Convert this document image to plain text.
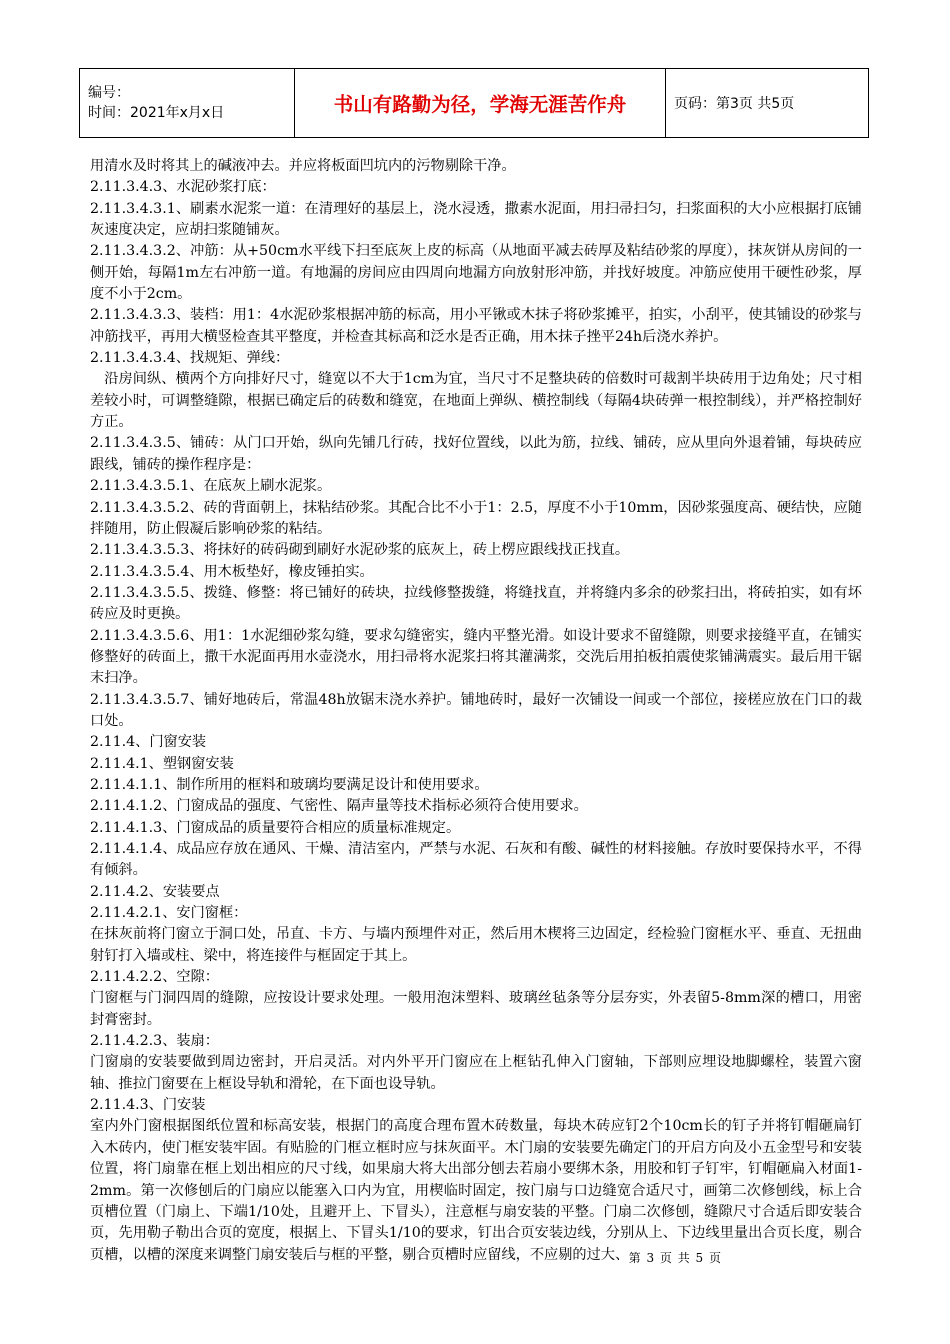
编号：
时间：2021年x月x日	书山有路勤为径，学海无涯苦作舟	页码：第3页 共5页

用清水及时将其上的碱液冲去。并应将板面凹坑内的污物剔除干净。

2.11.3.4.3、水泥砂浆打底：

2.11.3.4.3.1、刷素水泥浆一道：在清理好的基层上，浇水浸透，撒素水泥面，用扫帚扫匀，扫浆面积的大小应根据打底铺灰速度决定，应胡扫浆随铺灰。

2.11.3.4.3.2、冲筋：从+50cm水平线下扫至底灰上皮的标高（从地面平减去砖厚及粘结砂浆的厚度），抹灰饼从房间的一侧开始，每隔1m左右冲筋一道。有地漏的房间应由四周向地漏方向放射形冲筋，并找好坡度。冲筋应使用干硬性砂浆，厚度不小于2cm。

2.11.3.4.3.3、装档：用1：4水泥砂浆根据冲筋的标高，用小平锹或木抹子将砂浆摊平，拍实，小刮平，使其铺设的砂浆与冲筋找平，再用大横竖检查其平整度，并检查其标高和泛水是否正确，用木抹子挫平24h后浇水养护。

2.11.3.4.3.4、找规矩、弹线：

沿房间纵、横两个方向排好尺寸，缝宽以不大于1cm为宜，当尺寸不足整块砖的倍数时可裁割半块砖用于边角处；尺寸相差较小时，可调整缝隙，根据已确定后的砖数和缝宽，在地面上弹纵、横控制线（每隔4块砖弹一根控制线），并严格控制好方正。

2.11.3.4.3.5、铺砖：从门口开始，纵向先铺几行砖，找好位置线，以此为筋，拉线、铺砖，应从里向外退着铺，每块砖应跟线，铺砖的操作程序是：

2.11.3.4.3.5.1、在底灰上刷水泥浆。

2.11.3.4.3.5.2、砖的背面朝上，抹粘结砂浆。其配合比不小于1：2.5，厚度不小于10mm，因砂浆强度高、硬结快，应随拌随用，防止假凝后影响砂浆的粘结。

2.11.3.4.3.5.3、将抹好的砖码砌到刷好水泥砂浆的底灰上，砖上楞应跟线找正找直。

2.11.3.4.3.5.4、用木板垫好，橡皮锤拍实。

2.11.3.4.3.5.5、拨缝、修整：将已铺好的砖块，拉线修整拨缝，将缝找直，并将缝内多余的砂浆扫出，将砖拍实，如有坏砖应及时更换。

2.11.3.4.3.5.6、用1：1水泥细砂浆勾缝，要求勾缝密实，缝内平整光滑。如设计要求不留缝隙，则要求接缝平直，在铺实修整好的砖面上，撒干水泥面再用水壶浇水，用扫帚将水泥浆扫将其灌满浆，交洗后用拍板拍震使浆铺满震实。最后用干锯末扫净。

2.11.3.4.3.5.7、铺好地砖后，常温48h放锯末浇水养护。铺地砖时，最好一次铺设一间或一个部位，接槎应放在门口的裁口处。

2.11.4、门窗安装

2.11.4.1、塑钢窗安装

2.11.4.1.1、制作所用的框料和玻璃均要满足设计和使用要求。

2.11.4.1.2、门窗成品的强度、气密性、隔声量等技术指标必须符合使用要求。

2.11.4.1.3、门窗成品的质量要符合相应的质量标准规定。

2.11.4.1.4、成品应存放在通风、干燥、清洁室内，严禁与水泥、石灰和有酸、碱性的材料接触。存放时要保持水平，不得有倾斜。

2.11.4.2、安装要点

2.11.4.2.1、安门窗框：

在抹灰前将门窗立于洞口处，吊直、卡方、与墙内预埋件对正，然后用木楔将三边固定，经检验门窗框水平、垂直、无扭曲射钉打入墙或柱、梁中，将连接件与框固定于其上。

2.11.4.2.2、空隙：

门窗框与门洞四周的缝隙，应按设计要求处理。一般用泡沫塑料、玻璃丝毡条等分层夯实，外表留5-8mm深的槽口，用密封膏密封。

2.11.4.2.3、装扇：

门窗扇的安装要做到周边密封，开启灵活。对内外平开门窗应在上框钻孔伸入门窗轴，下部则应埋设地脚螺栓，装置六窗轴、推拉门窗要在上框设导轨和滑轮，在下面也设导轨。

2.11.4.3、门安装

室内外门窗根据图纸位置和标高安装，根据门的高度合理布置木砖数量，每块木砖应钉2个10cm长的钉子并将钉帽砸扁钉入木砖内，使门框安装牢固。有贴脸的门框立框时应与抹灰面平。木门扇的安装要先确定门的开启方向及小五金型号和安装位置，将门扇靠在框上划出相应的尺寸线，如果扇大将大出部分刨去若扇小要绑木条，用胶和钉子钉牢，钉帽砸扁入材面1-2mm。第一次修刨后的门扇应以能塞入口内为宜，用楔临时固定，按门扇与口边缝宽合适尺寸，画第二次修刨线，标上合页槽位置（门扇上、下端1/10处，且避开上、下冒头），注意框与扇安装的平整。门扇二次修刨，缝隙尺寸合适后即安装合页，先用勒子勒出合页的宽度，根据上、下冒头1/10的要求，钉出合页安装边线，分别从上、下边线里量出合页长度，剔合页槽，以槽的深度来调整门扇安装后与框的平整，剔合页槽时应留线，不应剔的过大、 第 3 页 共 5 页
